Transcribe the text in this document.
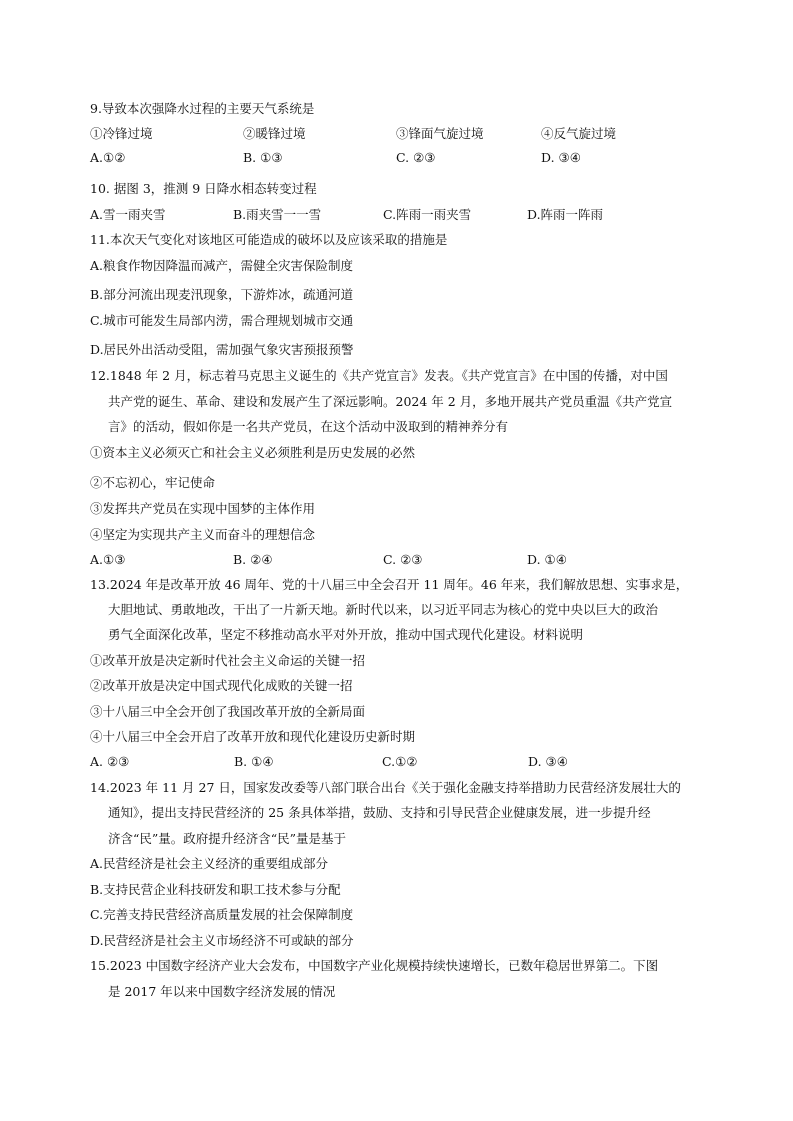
9.导致本次强降水过程的主要天气系统是
①冷锋过境	②暖锋过境	③锋面气旋过境	④反气旋过境
A.①②	B. ①③	C. ②③	D. ③④
10. 据图 3，推测 9 日降水相态转变过程
A.雪一雨夹雪	B.雨夹雪一一雪	C.阵雨一雨夹雪	D.阵雨一阵雨
11.本次天气变化对该地区可能造成的破坏以及应该采取的措施是
A.粮食作物因降温而减产，需健全灾害保险制度
B.部分河流出现麦汛现象，下游炸冰，疏通河道
C.城市可能发生局部内涝，需合理规划城市交通
D.居民外出活动受阻，需加强气象灾害预报预警
12.1848 年 2 月，标志着马克思主义诞生的《共产党宣言》发表。《共产党宣言》在中国的传播，对中国
共产党的诞生、革命、建设和发展产生了深远影响。2024 年 2 月，多地开展共产党员重温《共产党宣
言》的活动，假如你是一名共产党员，在这个活动中汲取到的精神养分有
①资本主义必须灭亡和社会主义必须胜利是历史发展的必然
②不忘初心，牢记使命
③发挥共产党员在实现中国梦的主体作用
④坚定为实现共产主义而奋斗的理想信念
A.①③	B. ②④	C. ②③	D. ①④
13.2024 年是改革开放 46 周年、党的十八届三中全会召开 11 周年。46 年来，我们解放思想、实事求是，
大胆地试、勇敢地改，干出了一片新天地。新时代以来，以习近平同志为核心的党中央以巨大的政治
勇气全面深化改革，坚定不移推动高水平对外开放，推动中国式现代化建设。材料说明
①改革开放是决定新时代社会主义命运的关键一招
②改革开放是决定中国式现代化成败的关键一招
③十八届三中全会开创了我国改革开放的全新局面
④十八届三中全会开启了改革开放和现代化建设历史新时期
A. ②③	B. ①④	C.①②	D. ③④
14.2023 年 11 月 27 日，国家发改委等八部门联合出台《关于强化金融支持举措助力民营经济发展壮大的
通知》，提出支持民营经济的 25 条具体举措，鼓励、支持和引导民营企业健康发展，进一步提升经
济含“民”量。政府提升经济含“民”量是基于
A.民营经济是社会主义经济的重要组成部分
B.支持民营企业科技研发和职工技术参与分配
C.完善支持民营经济高质量发展的社会保障制度
D.民营经济是社会主义市场经济不可或缺的部分
15.2023 中国数字经济产业大会发布，中国数字产业化规模持续快速增长，已数年稳居世界第二。下图
是 2017 年以来中国数字经济发展的情况
